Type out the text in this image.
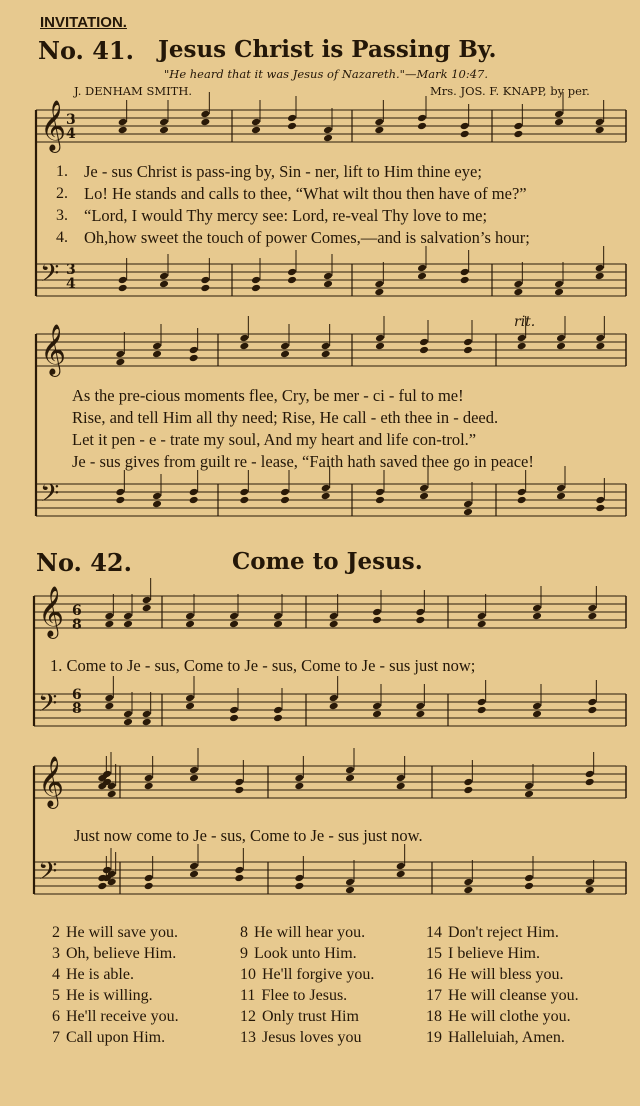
𝄞
𝄢
𝄞
𝄢
𝄞
𝄢
𝄞
𝄢
INVITATION.
No. 41. Jesus Christ is Passing By.
"He heard that it was Jesus of Nazareth."—Mark 10:47.
J. DENHAM SMITH.	Mrs. JOS. F. KNAPP, by per.
3
4
3
4
1. Je - sus Christ is pass-ing by, Sin - ner, lift to Him thine eye;
2. Lo! He stands and calls to thee, “What wilt thou then have of me?”
3. “Lord, I would Thy mercy see: Lord, re-veal Thy love to me;
4. Oh,how sweet the touch of power Comes,—and is salvation’s hour;
rit.
As the pre-cious moments flee, Cry, be mer - ci - ful to me!
Rise, and tell Him all thy need; Rise, He call - eth thee in - deed.
Let it pen - e - trate my soul, And my heart and life con-trol.”
Je - sus gives from guilt re - lease, “Faith hath saved thee go in peace!
No. 42.	Come to Jesus.
6
8
6
8
1. Come to Je - sus, Come to Je - sus, Come to Je - sus just now;
Just now come to Je - sus, Come to Je - sus just now.
2 He will save you.
3 Oh, believe Him.
4 He is able.
5 He is willing.
6 He'll receive you.
7 Call upon Him.
8 He will hear you.
9 Look unto Him.
10 He'll forgive you.
11 Flee to Jesus.
12 Only trust Him
13 Jesus loves you
14 Don't reject Him.
15 I believe Him.
16 He will bless you.
17 He will cleanse you.
18 He will clothe you.
19 Halleluiah, Amen.
